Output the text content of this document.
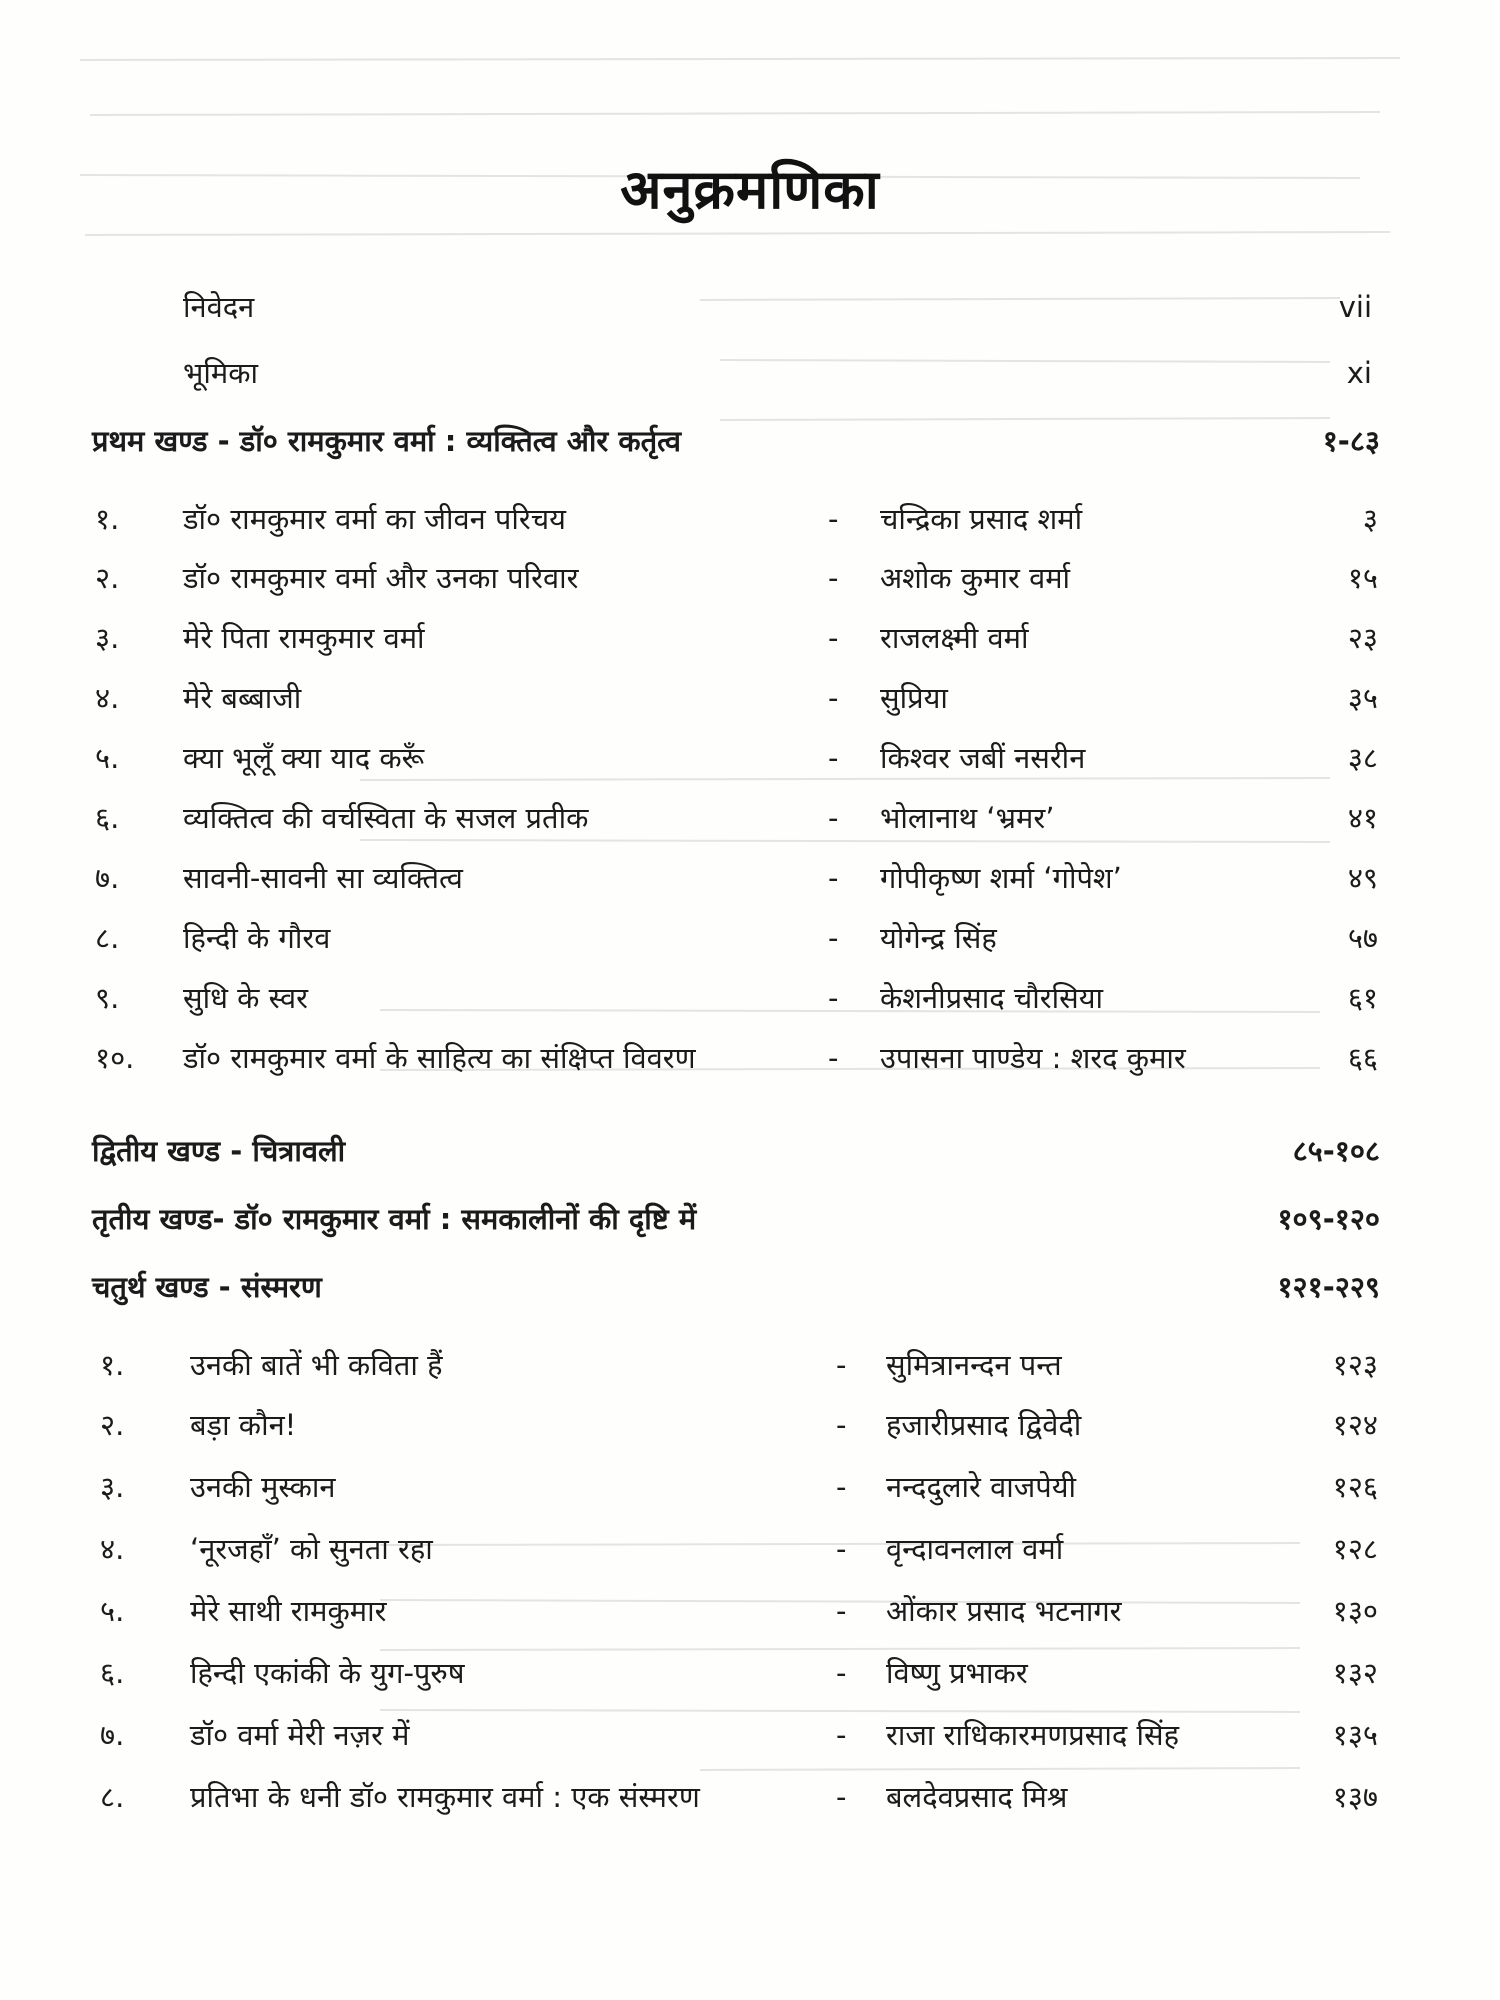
अनुक्रमणिका
निवेदन	vii
भूमिका	xi
प्रथम खण्ड - डॉ० रामकुमार वर्मा : व्यक्तित्व और कर्तृत्व	१-८३
१. डॉ० रामकुमार वर्मा का जीवन परिचय	- चन्द्रिका प्रसाद शर्मा	३
२. डॉ० रामकुमार वर्मा और उनका परिवार	- अशोक कुमार वर्मा	१५
३. मेरे पिता रामकुमार वर्मा	- राजलक्ष्मी वर्मा	२३
४. मेरे बब्बाजी	- सुप्रिया	३५
५. क्या भूलूँ क्या याद करूँ	- किश्वर जबीं नसरीन	३८
६. व्यक्तित्व की वर्चस्विता के सजल प्रतीक	- भोलानाथ ‘भ्रमर’	४१
७. सावनी-सावनी सा व्यक्तित्व	- गोपीकृष्ण शर्मा ‘गोपेश’	४९
८. हिन्दी के गौरव	- योगेन्द्र सिंह	५७
९. सुधि के स्वर	- केशनीप्रसाद चौरसिया	६१
१०. डॉ० रामकुमार वर्मा के साहित्य का संक्षिप्त विवरण	- उपासना पाण्डेय : शरद कुमार	६६
द्वितीय खण्ड - चित्रावली	८५-१०८
तृतीय खण्ड- डॉ० रामकुमार वर्मा : समकालीनों की दृष्टि में	१०९-१२०
चतुर्थ खण्ड - संस्मरण	१२१-२२९
१. उनकी बातें भी कविता हैं	- सुमित्रानन्दन पन्त	१२३
२. बड़ा कौन!	- हजारीप्रसाद द्विवेदी	१२४
३. उनकी मुस्कान	- नन्ददुलारे वाजपेयी	१२६
४. ‘नूरजहाँ’ को सुनता रहा	- वृन्दावनलाल वर्मा	१२८
५. मेरे साथी रामकुमार	- ओंकार प्रसाद भटनागर	१३०
६. हिन्दी एकांकी के युग-पुरुष	- विष्णु प्रभाकर	१३२
७. डॉ० वर्मा मेरी नज़र में	- राजा राधिकारमणप्रसाद सिंह	१३५
८. प्रतिभा के धनी डॉ० रामकुमार वर्मा : एक संस्मरण	- बलदेवप्रसाद मिश्र	१३७
